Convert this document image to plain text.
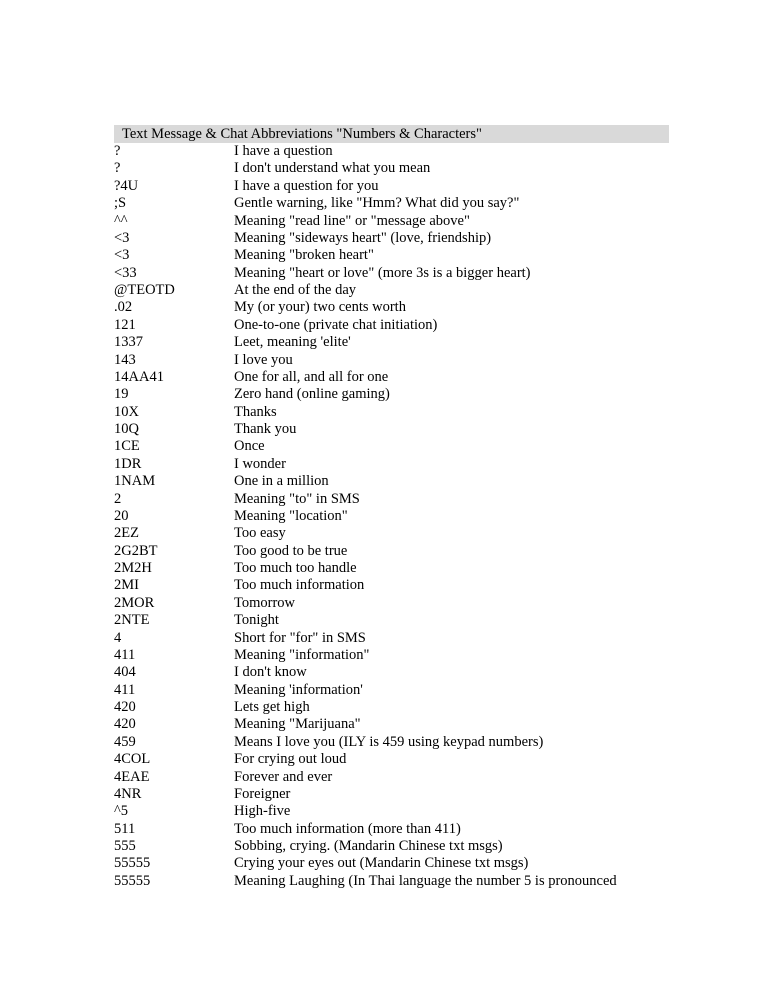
Text Message & Chat Abbreviations "Numbers & Characters"
?	I have a question
?	I don't understand what you mean
?4U	I have a question for you
;S	Gentle warning, like "Hmm? What did you say?"
^^	Meaning "read line" or "message above"
<3	Meaning "sideways heart" (love, friendship)
<3	Meaning "broken heart"
<33	Meaning "heart or love" (more 3s is a bigger heart)
@TEOTD	At the end of the day
.02	My (or your) two cents worth
121	One-to-one (private chat initiation)
1337	Leet, meaning 'elite'
143	I love you
14AA41	One for all, and all for one
19	Zero hand (online gaming)
10X	Thanks
10Q	Thank you
1CE	Once
1DR	I wonder
1NAM	One in a million
2	Meaning "to" in SMS
20	Meaning "location"
2EZ	Too easy
2G2BT	Too good to be true
2M2H	Too much too handle
2MI	Too much information
2MOR	Tomorrow
2NTE	Tonight
4	Short for "for" in SMS
411	Meaning "information"
404	I don't know
411	Meaning 'information'
420	Lets get high
420	Meaning "Marijuana"
459	Means I love you (ILY is 459 using keypad numbers)
4COL	For crying out loud
4EAE	Forever and ever
4NR	Foreigner
^5	High-five
511	Too much information (more than 411)
555	Sobbing, crying. (Mandarin Chinese txt msgs)
55555	Crying your eyes out (Mandarin Chinese txt msgs)
55555	Meaning Laughing (In Thai language the number 5 is pronounced
